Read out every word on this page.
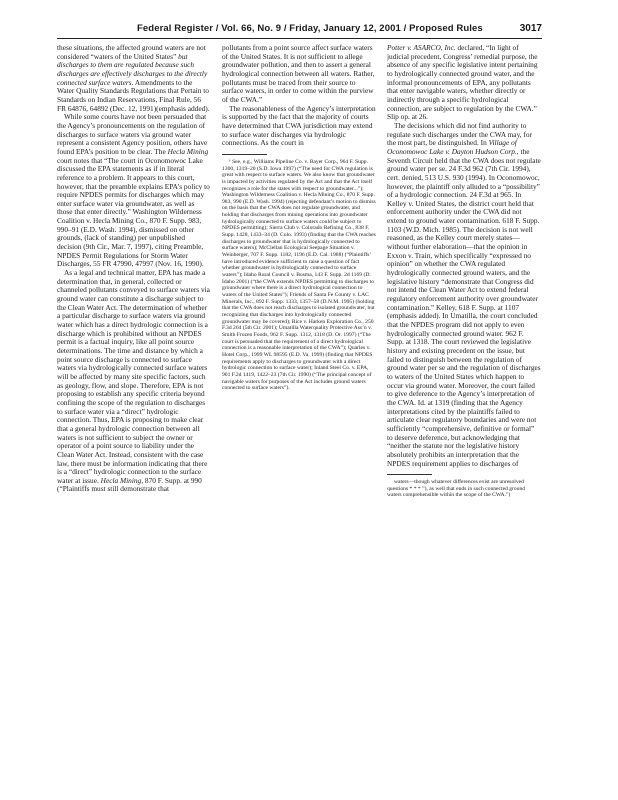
Federal Register / Vol. 66, No. 9 / Friday, January 12, 2001 / Proposed Rules	3017

these situations, the affected ground waters are not considered “waters of the United States” but discharges to them are regulated because such discharges are effectively discharges to the directly connected surface waters. Amendments to the Water Quality Standards Regulations that Pertain to Standards on Indian Reservations, Final Rule, 56 FR 64876, 64892 (Dec. 12, 1991)(emphasis added).

While some courts have not been persuaded that the Agency’s pronouncements on the regulation of discharges to surface waters via ground water represent a consistent Agency position, others have found EPA’s position to be clear. The Hecla Mining court notes that “The court in Oconomowoc Lake discussed the EPA statements as if in literal reference to a problem. It appears to this court, however, that the preamble explains EPA’s policy to require NPDES permits for discharges which may enter surface water via groundwater, as well as those that enter directly.” Washington Wilderness Coalition v. Hecla Mining Co., 870 F. Supp. 983, 990–91 (E.D. Wash. 1994), dismissed on other grounds, (lack of standing) per unpublished decision (9th Cir., Mar. 7, 1997), citing Preamble, NPDES Permit Regulations for Storm Water Discharges, 55 FR 47990, 47997 (Nov. 16, 1990).

As a legal and technical matter, EPA has made a determination that, in general, collected or channeled pollutants conveyed to surface waters via ground water can constitute a discharge subject to the Clean Water Act. The determination of whether a particular discharge to surface waters via ground water which has a direct hydrologic connection is a discharge which is prohibited without an NPDES permit is a factual inquiry, like all point source determinations. The time and distance by which a point source discharge is connected to surface waters via hydrologically connected surface waters will be affected by many site specific factors, such as geology, flow, and slope. Therefore, EPA is not proposing to establish any specific criteria beyond confining the scope of the regulation to discharges to surface water via a “direct” hydrologic connection. Thus, EPA is proposing to make clear that a general hydrologic connection between all waters is not sufficient to subject the owner or operator of a point source to liability under the Clean Water Act. Instead, consistent with the case law, there must be information indicating that there is a “direct” hydrologic connection to the surface water at issue. Hecla Mining, 870 F. Supp. at 990 (“Plaintiffs must still demonstrate that

pollutants from a point source affect surface waters of the United States. It is not sufficient to allege groundwater pollution, and then to assert a general hydrological connection between all waters. Rather, pollutants must be traced from their source to surface waters, in order to come within the purview of the CWA.”

The reasonableness of the Agency’s interpretation is supported by the fact that the majority of courts have determined that CWA jurisdiction may extend to surface water discharges via hydrologic connections. As the court in

¹ See, e.g., Williams Pipeline Co. v. Bayer Corp., 964 F. Supp. 1300, 1319–20 (S.D. Iowa 1997) (“The need for CWA regulation is great with respect to surface waters. We also know that groundwater is impacted by activities regulated by the Act and that the Act itself recognizes a role for the states with respect to groundwater...”); Washington Wilderness Coalition v. Hecla Mining Co., 870 F. Supp. 983, 990 (E.D. Wash. 1994) (rejecting defendant’s motion to dismiss on the basis that the CWA does not regulate groundwater, and holding that discharges from mining operations into groundwater hydrologically connected to surface waters could be subject to NPDES permitting); Sierra Club v. Colorado Refining Co., 838 F. Supp. 1428, 1433–34 (D. Colo. 1993) (finding that the CWA reaches discharges to groundwater that is hydrologically connected to surface waters); McClellan Ecological Seepage Situation v. Weinberger, 707 F. Supp. 1182, 1196 (E.D. Cal. 1988) (“Plaintiffs’ have introduced evidence sufficient to raise a question of fact whether groundwater is hydrologically connected to surface waters”); Idaho Rural Council v. Bosma, 143 F. Supp. 2d 1169 (D. Idaho 2001) (“the CWA extends NPDES permitting to discharges to groundwater where there is a direct hydrological connection to waters of the United States”); Friends of Santa Fe County v. LAC Minerals, Inc., 892 F. Supp. 1333, 1357–58 (D.N.M. 1995) (holding that the CWA does not reach discharges to isolated groundwater, but recognizing that discharges into hydrologically connected groundwater may be covered); Rice v. Harken Exploration Co., 250 F.3d 264 (5th Cir. 2001); Umatilla Waterquality Protective Ass’n v. Smith Frozen Foods, 962 F. Supp. 1312, 1318 (D. Or. 1997) (“The court is persuaded that the requirement of a direct hydrological connection is a reasonable interpretation of the CWA”); Quarles v. Hotel Corp., 1999 WL 98595 (E.D. Va. 1999) (finding that NPDES requirements apply to discharges to groundwater with a direct hydrologic connection to surface water); Inland Steel Co. v. EPA, 901 F.2d 1419, 1422–23 (7th Cir. 1990) (“The principal concept of navigable waters for purposes of the Act includes ground waters connected to surface waters”).

Potter v. ASARCO, Inc. declared, “In light of judicial precedent, Congress’ remedial purpose, the absence of any specific legislative intent pertaining to hydrologically connected ground water, and the informal pronouncements of EPA, any pollutants that enter navigable waters, whether directly or indirectly through a specific hydrological connection, are subject to regulation by the CWA.” Slip op. at 26.

The decisions which did not find authority to regulate such discharges under the CWA may, for the most part, be distinguished. In Village of Oconomowoc Lake v. Dayton Hudson Corp., the Seventh Circuit held that the CWA does not regulate ground water per se. 24 F.3d 962 (7th Cir. 1994), cert. denied, 513 U.S. 930 (1994). In Oconomowoc, however, the plaintiff only alluded to a “possibility” of a hydrologic connection. 24 F.3d at 965. In Kelley v. United States, the district court held that enforcement authority under the CWA did not extend to ground water contamination. 618 F. Supp. 1103 (W.D. Mich. 1985). The decision is not well reasoned, as the Kelley court merely states—without further elaboration—that the opinion in Exxon v. Train, which specifically “expressed no opinion” on whether the CWA regulated hydrologically connected ground waters, and the legislative history “demonstrate that Congress did not intend the Clean Water Act to extend federal regulatory enforcement authority over groundwater contamination.” Kelley, 618 F. Supp. at 1107 (emphasis added). In Umatilla, the court concluded that the NPDES program did not apply to even hydrologically connected ground water. 962 F. Supp. at 1318. The court reviewed the legislative history and existing precedent on the issue, but failed to distinguish between the regulation of ground water per se and the regulation of discharges to waters of the United States which happen to occur via ground water. Moreover, the court failed to give deference to the Agency’s interpretation of the CWA. Id. at 1319 (finding that the Agency interpretations cited by the plaintiffs failed to articulate clear regulatory boundaries and were not sufficiently “comprehensive, definitive or formal” to deserve deference, but acknowledging that “neither the statute nor the legislative history absolutely prohibits an interpretation that the NPDES requirement applies to discharges of

waters—though whatever differences exist are unresolved questions * * * ”), as well that ends in such connected ground waters comprehensible within the scope of the CWA.”)
